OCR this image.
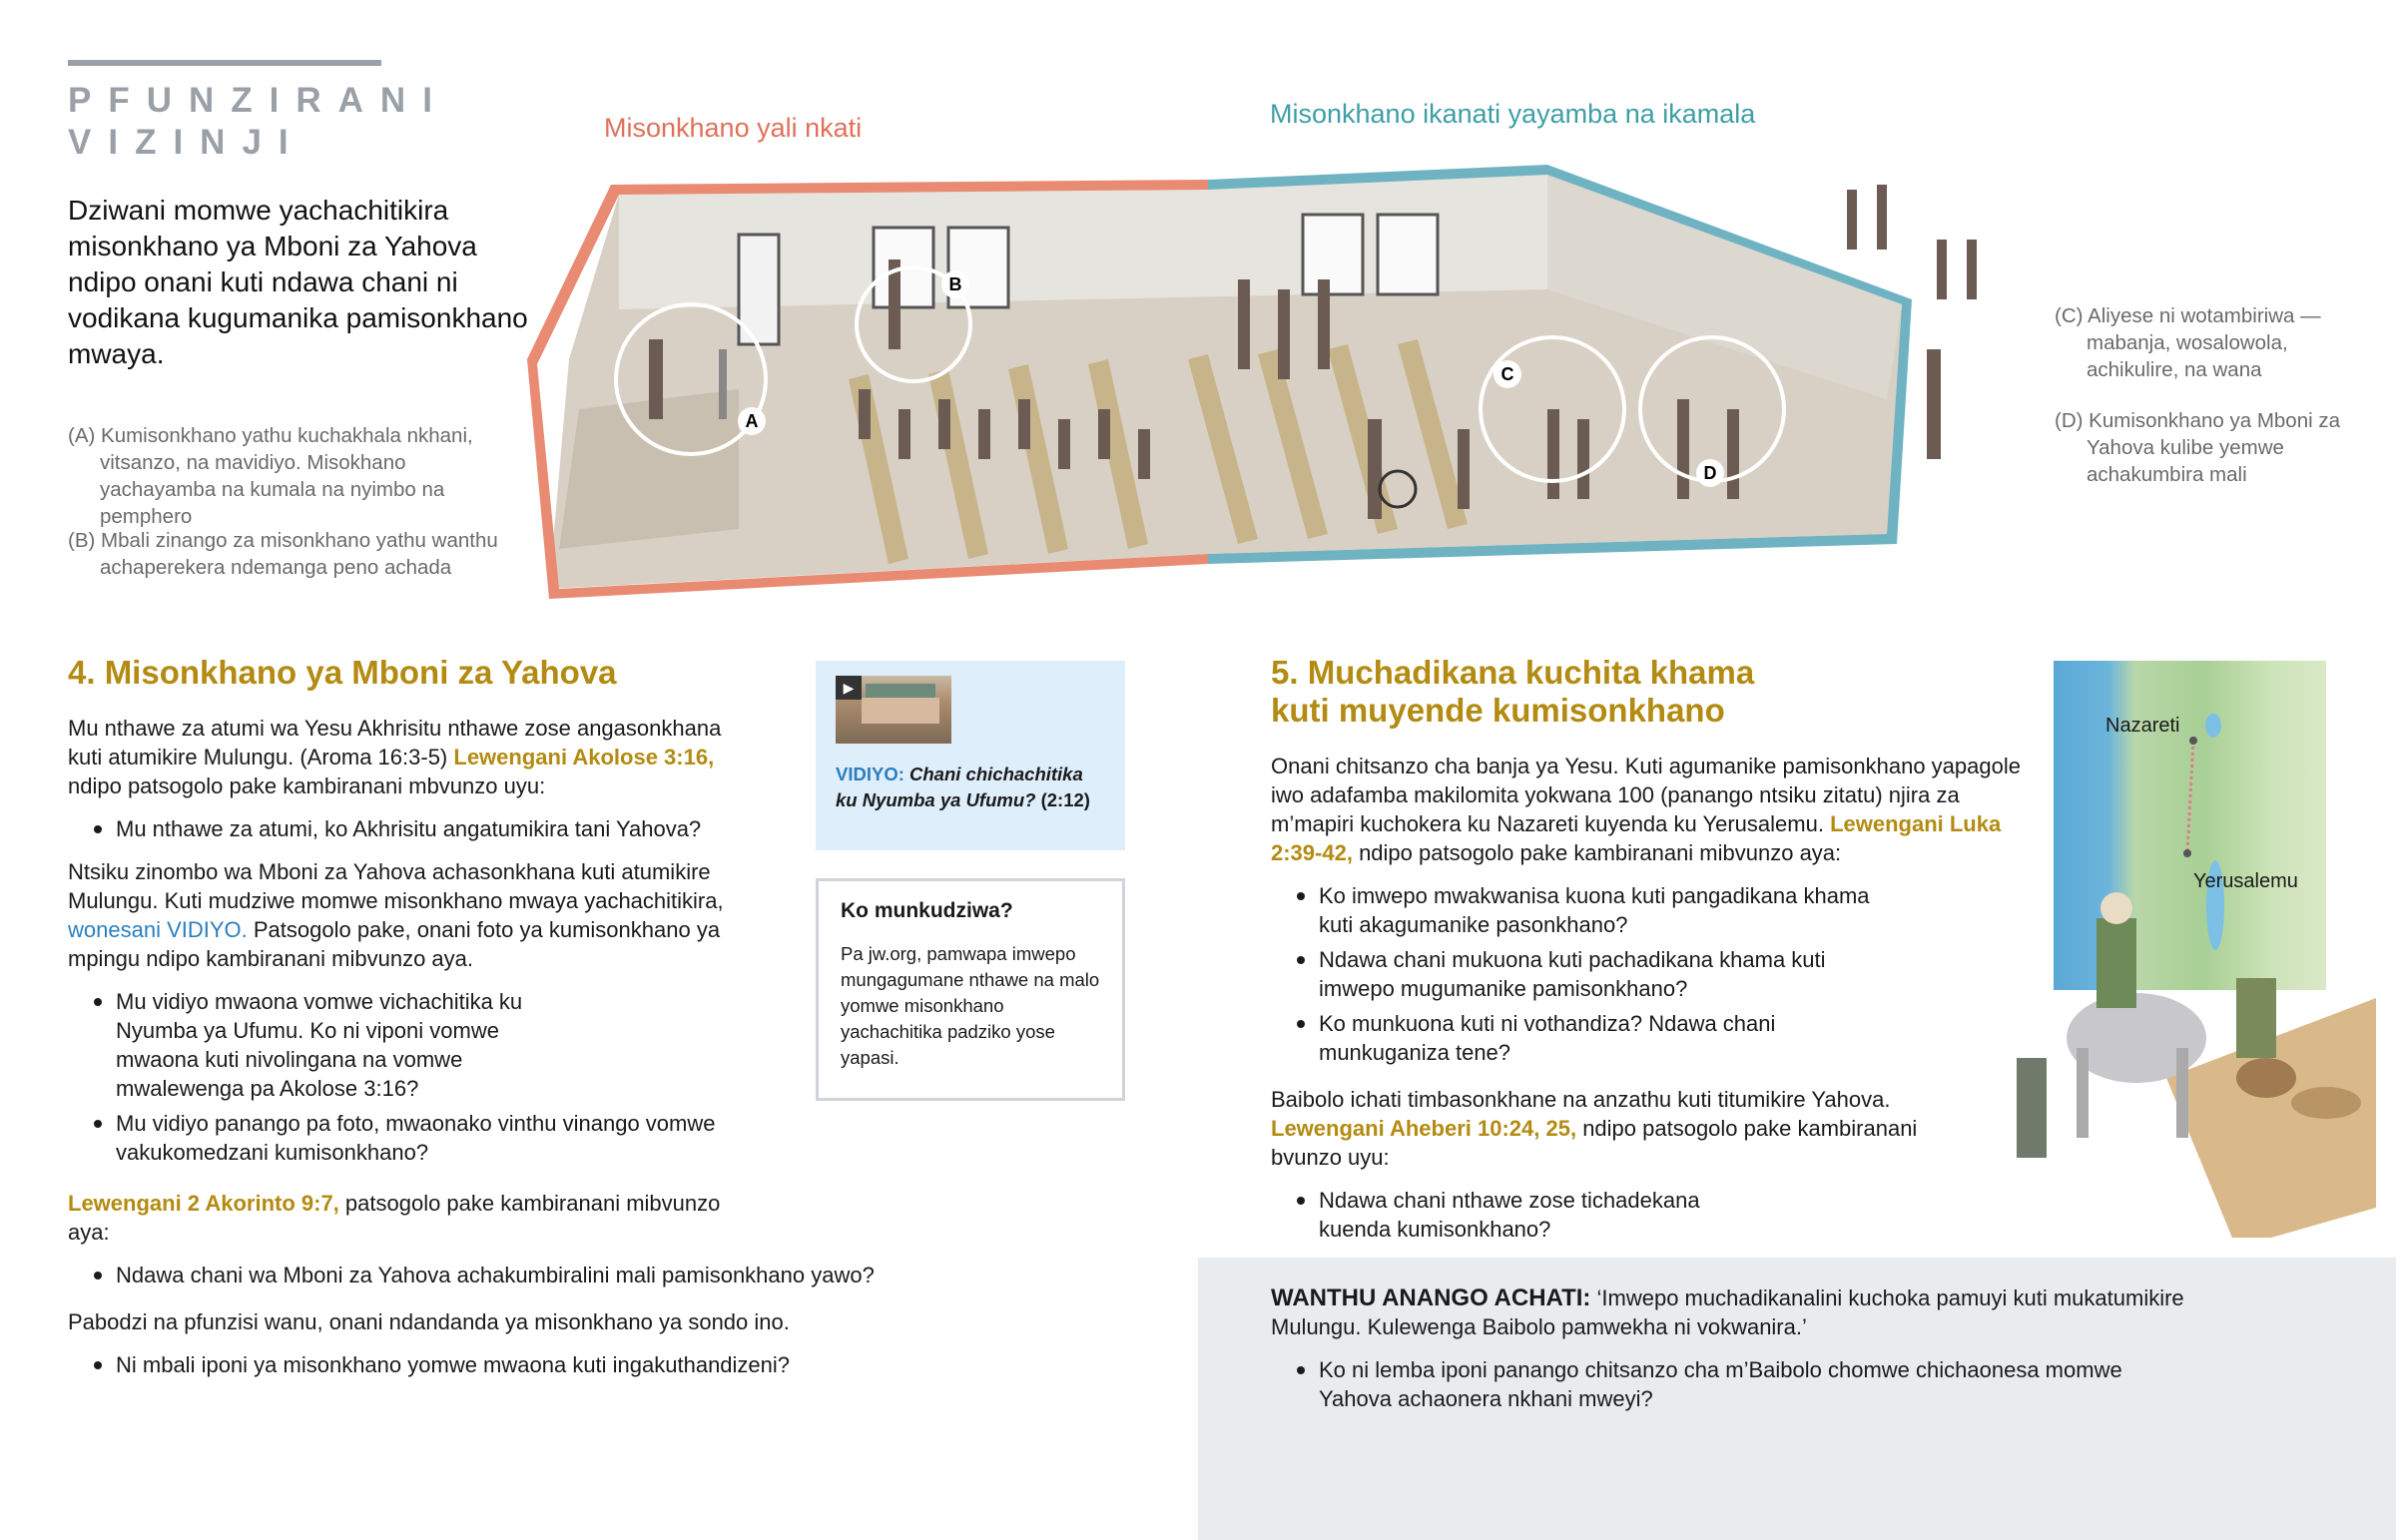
PFUNZIRANI
VIZINJI
Dziwani momwe yachachitikira misonkhano ya Mboni za Yahova ndipo onani kuti ndawa chani ni vodikana kugumanika pamisonkhano mwaya.
(A) Kumisonkhano yathu kuchakhala nkhani, vitsanzo, na mavidiyo. Misokhano yachayamba na kumala na nyimbo na pemphero
(B) Mbali zinango za misonkhano yathu wanthu achaperekera ndemanga peno achada
(C) Aliyese ni wotambiriwa —mabanja, wosalowola, achikulire, na wana
(D) Kumisonkhano ya Mboni za Yahova kulibe yemwe achakumbira mali
Misonkhano yali nkati	Misonkhano ikanati yayamba na ikamala
A
B
C
D
4. Misonkhano ya Mboni za Yahova

Mu nthawe za atumi wa Yesu Akhrisitu nthawe zose angasonkhana kuti atumikire Mulungu. (Aroma 16:3-5) Lewengani Akolose 3:16, ndipo patsogolo pake kambiranani mbvunzo uyu:

Mu nthawe za atumi, ko Akhrisitu angatumikira tani Yahova?

Ntsiku zinombo wa Mboni za Yahova achasonkhana kuti atumikire Mulungu. Kuti mudziwe momwe misonkhano mwaya yachachitikira, wonesani VIDIYO. Patsogolo pake, onani foto ya kumisonkhano ya mpingu ndipo kambiranani mibvunzo aya.

Mu vidiyo mwaona vomwe vichachitika ku Nyumba ya Ufumu. Ko ni viponi vomwe mwaona kuti nivolingana na vomwe mwalewenga pa Akolose 3:16?
Mu vidiyo panango pa foto, mwaonako vinthu vinango vomwe vakukomedzani kumisonkhano?

Lewengani 2 Akorinto 9:7, patsogolo pake kambiranani mibvunzo aya:

Ndawa chani wa Mboni za Yahova achakumbiralini mali pamisonkhano yawo?

Pabodzi na pfunzisi wanu, onani ndandanda ya misonkhano ya sondo ino.

Ni mbali iponi ya misonkhano yomwe mwaona kuti ingakuthandizeni?
▶
VIDIYO: Chani chichachitika ku Nyumba ya Ufumu? (2:12)
Ko munkudziwa?
Pa jw.org, pamwapa imwepo mungagumane nthawe na malo yomwe misonkhano yachachitika padziko yose yapasi.
5. Muchadikana kuchita khama
kuti muyende kumisonkhano

Onani chitsanzo cha banja ya Yesu. Kuti agumanike pamisonkhano yapagole iwo adafamba makilomita yokwana 100 (panango ntsiku zitatu) njira za m’mapiri kuchokera ku Nazareti kuyenda ku Yerusalemu. Lewengani Luka 2:39-42, ndipo patsogolo pake kambiranani mibvunzo aya:

Ko imwepo mwakwanisa kuona kuti pangadikana khama kuti akagumanike pasonkhano?
Ndawa chani mukuona kuti pachadikana khama kuti imwepo mugumanike pamisonkhano?
Ko munkuona kuti ni vothandiza? Ndawa chani munkuganiza tene?

Baibolo ichati timbasonkhane na anzathu kuti titumikire Yahova. Lewengani Aheberi 10:24, 25, ndipo patsogolo pake kambiranani bvunzo uyu:

Ndawa chani nthawe zose tichadekana kuenda kumisonkhano?
Nazareti
Yerusalemu

WANTHU ANANGO ACHATI: ‘Imwepo muchadikanalini kuchoka pamuyi kuti mukatumikire Mulungu. Kulewenga Baibolo pamwekha ni vokwanira.’

Ko ni lemba iponi panango chitsanzo cha m’Baibolo chomwe chichaonesa momwe Yahova achaonera nkhani mweyi?
